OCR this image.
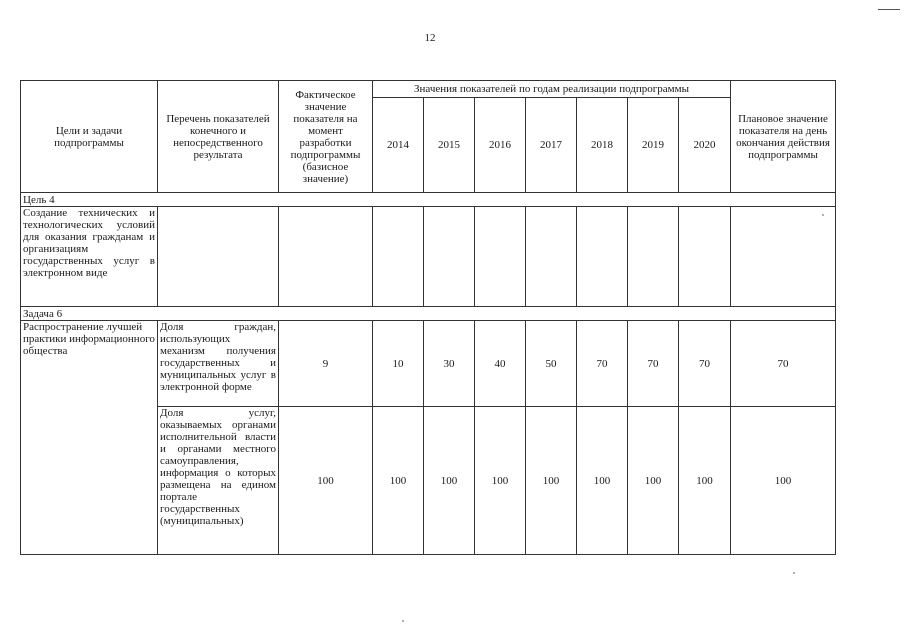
12
Цели и задачи подпрограммы	Перечень показателей конечного и непосредственного результата	Фактическое значение показателя на момент разработки подпрограммы (базисное значение)	Значения показателей по годам реализации подпрограммы							Плановое значение показателя на день окончания действия подпрограммы
			2014	2015	2016	2017	2018	2019	2020	
Цель 4										
Создание технических и технологических условий для оказания гражданам и организациям государственных услуг в электронном виде										
Задача 6										
Распространение лучшей практики информационного общества	Доля граждан, использующих механизм получения государственных и муниципальных услуг в электронной форме	9	10	30	40	50	70	70	70	70
	Доля услуг, оказываемых органами исполнительной власти и органами местного самоуправления, информация о которых размещена на едином портале государственных (муниципальных)	100	100	100	100	100	100	100	100	100
